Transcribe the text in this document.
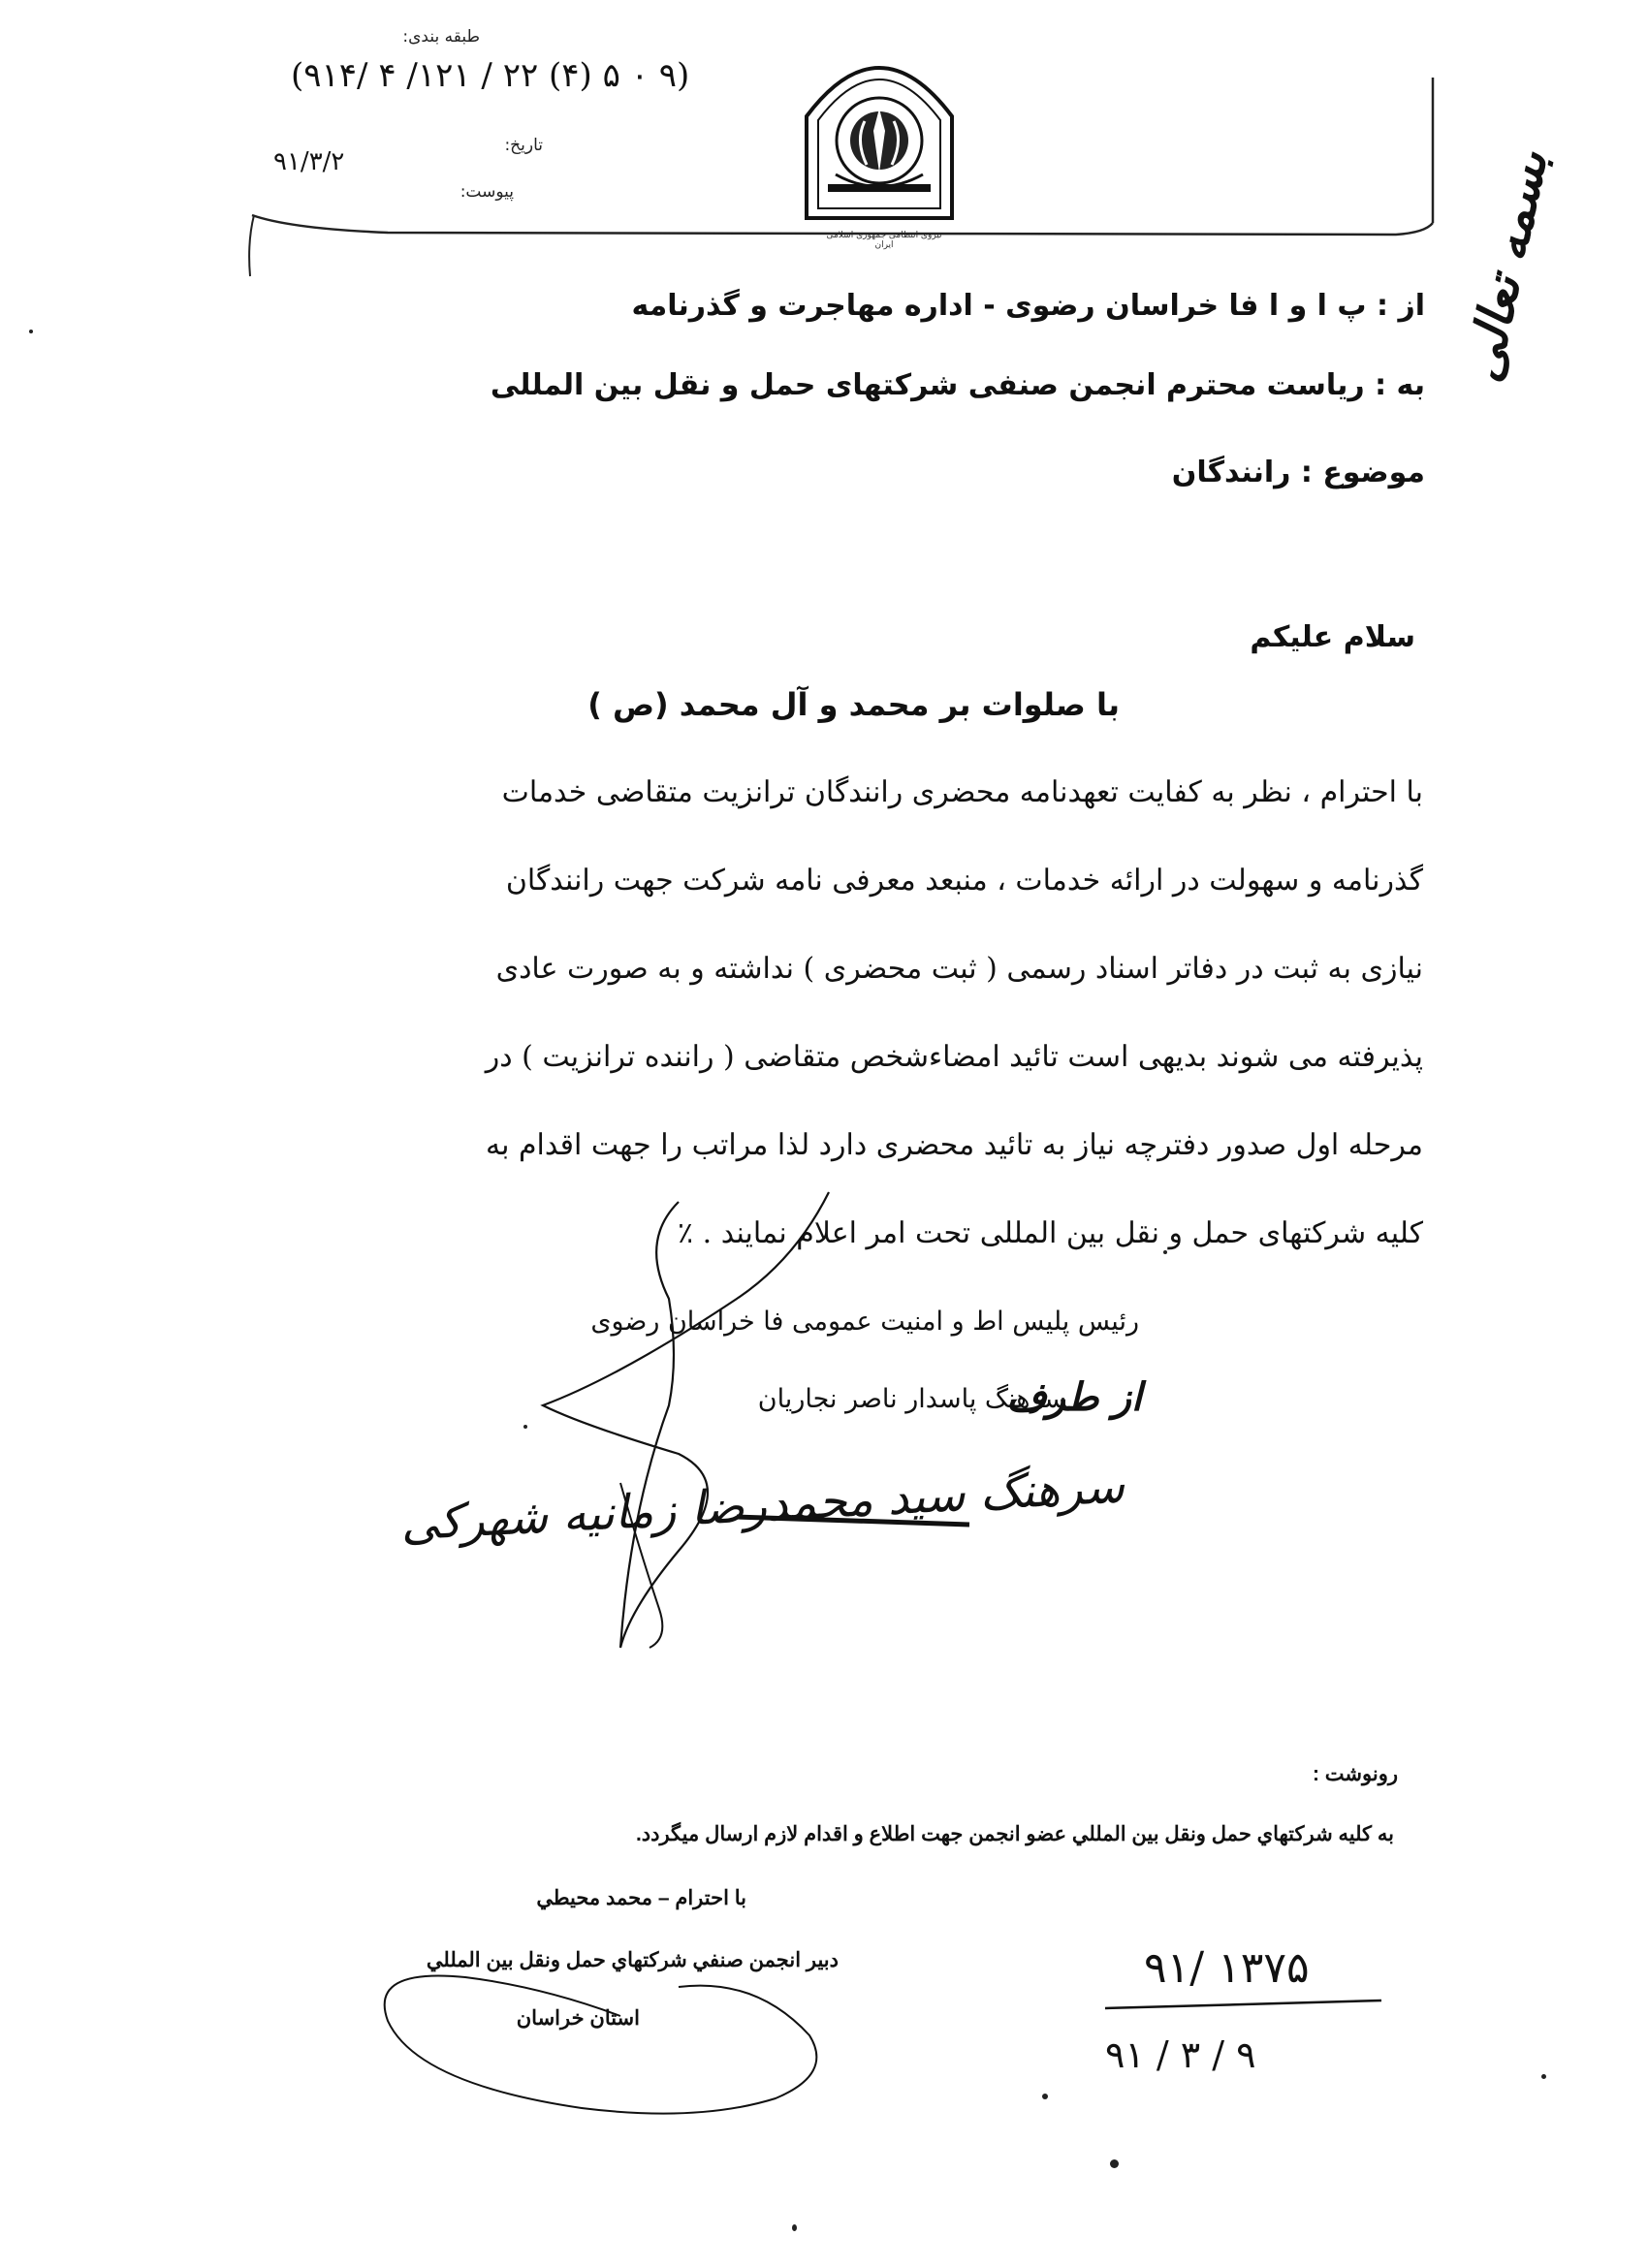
بسمه تعالی
نیروی انتظامی جمهوری اسلامی ایران
طبقه بندی:
(۹۱۴/ ۴ /۱۲۱ / ۲۲ (۴) ۵ ۰ ۹)
تاریخ:
۹۱/۳/۲
پیوست:
از : پ ا و ا فا خراسان رضوی - اداره مهاجرت و گذرنامه
به : ریاست محترم انجمن صنفی شرکتهای حمل و نقل بین المللی
موضوع : رانندگان
سلام علیکم
با صلوات بر محمد و آل محمد (ص )
با احترام ، نظر به کفایت تعهدنامه محضری رانندگان ترانزیت متقاضی خدمات
گذرنامه و سهولت در ارائه خدمات ، منبعد معرفی نامه شرکت جهت رانندگان
نیازی به ثبت در دفاتر اسناد رسمی ( ثبت محضری ) نداشته و به صورت عادی
پذیرفته می شوند بدیهی است تائید امضاءشخص متقاضی ( راننده ترانزیت ) در
مرحله اول صدور دفترچه نیاز به تائید محضری دارد لذا مراتب را جهت اقدام به
کلیه شرکتهای حمل و نقل بین المللی تحت امر اعلام نمایند . ٪
رئیس پلیس اط و امنیت عمومی فا خراسان رضوی
از طرف
سرهنگ پاسدار ناصر نجاریان
سرهنگ سید محمدرضا زمانیه شهرکی
رونوشت :
به كليه شركتهاي حمل ونقل بين المللي عضو انجمن جهت اطلاع و اقدام لازم ارسال ميگردد.
با احترام – محمد محيطي
دبير انجمن صنفي شركتهاي حمل ونقل بين المللي
استان خراسان
۹۱/ ۱۳۷۵
۹۱ / ۳ / ۹
